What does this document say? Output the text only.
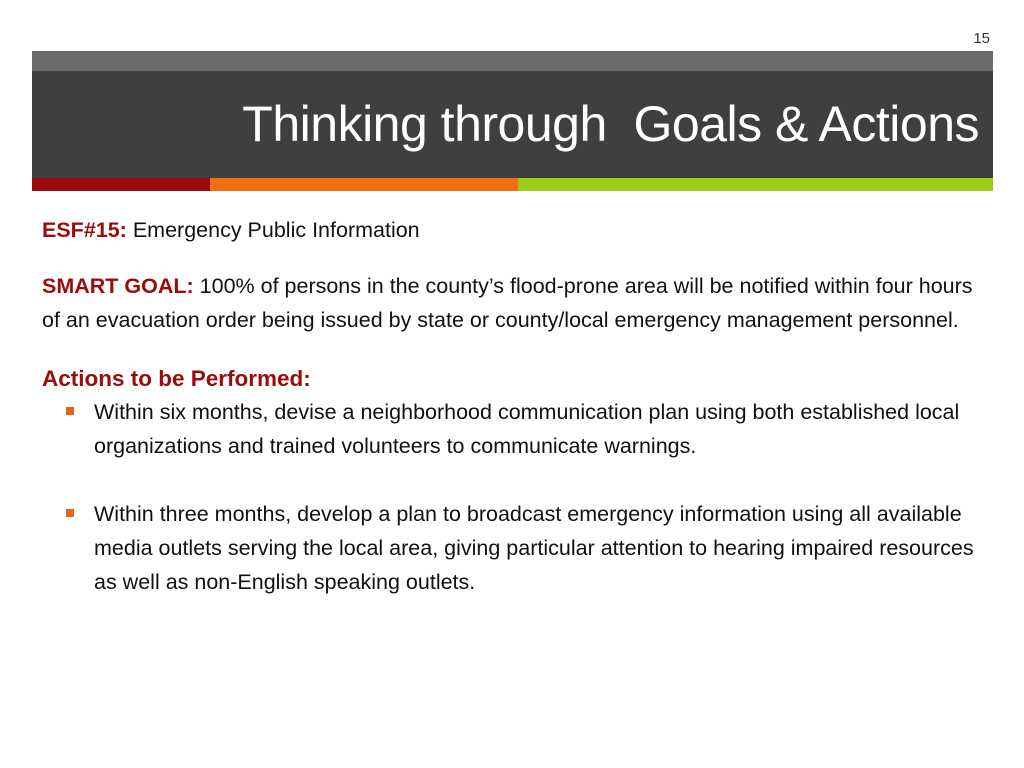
15
Thinking through  Goals & Actions

ESF#15: Emergency Public Information

SMART GOAL: 100% of persons in the county’s flood-prone area will be notified within four hours of an evacuation order being issued by state or county/local emergency management personnel.

Actions to be Performed:

Within six months, devise a neighborhood communication plan using both established local organizations and trained volunteers to communicate warnings.
Within three months, develop a plan to broadcast emergency information using all available media outlets serving the local area, giving particular attention to hearing impaired resources as well as non-English speaking outlets.
